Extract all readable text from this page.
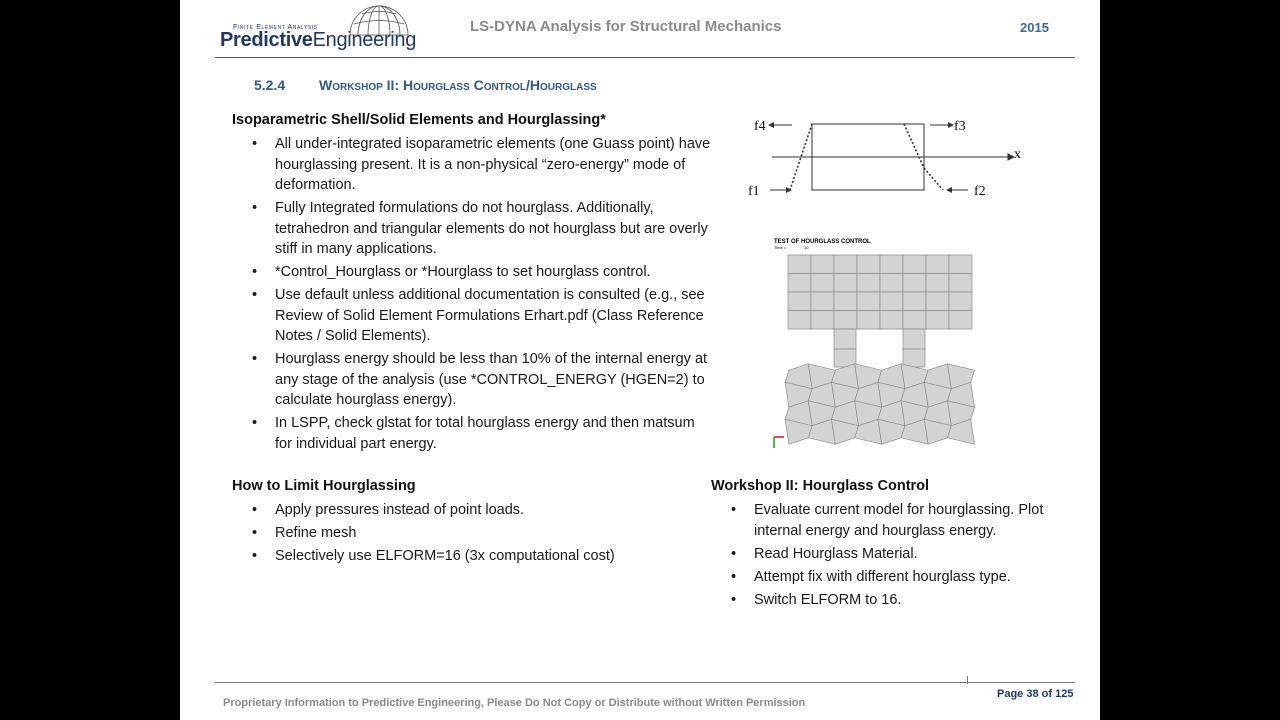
Finite Element Analysis
PredictiveEngineering
LS-DYNA Analysis for Structural Mechanics	2015
5.2.4 Workshop II: Hourglass Control/Hourglass
Isoparametric Shell/Solid Elements and Hourglassing*
• All under-integrated isoparametric elements (one Guass point) have hourglassing present. It is a non-physical “zero-energy” mode of deformation.
• Fully Integrated formulations do not hourglass. Additionally, tetrahedron and triangular elements do not hourglass but are overly stiff in many applications.
• *Control_Hourglass or *Hourglass to set hourglass control.
• Use default unless additional documentation is consulted (e.g., see Review of Solid Element Formulations Erhart.pdf (Class Reference Notes / Solid Elements).
• Hourglass energy should be less than 10% of the internal energy at any stage of the analysis (use *CONTROL_ENERGY (HGEN=2) to calculate hourglass energy).
• In LSPP, check glstat for total hourglass energy and then matsum for individual part energy.
f4	f3
f1	f2
x
TEST OF HOURGLASS CONTROL
Time =	10
How to Limit Hourglassing
• Apply pressures instead of point loads.
• Refine mesh
• Selectively use ELFORM=16 (3x computational cost)
Workshop II: Hourglass Control
• Evaluate current model for hourglassing. Plot internal energy and hourglass energy.
• Read Hourglass Material.
• Attempt fix with different hourglass type.
• Switch ELFORM to 16.
Page 38 of 125
Proprietary Information to Predictive Engineering, Please Do Not Copy or Distribute without Written Permission
